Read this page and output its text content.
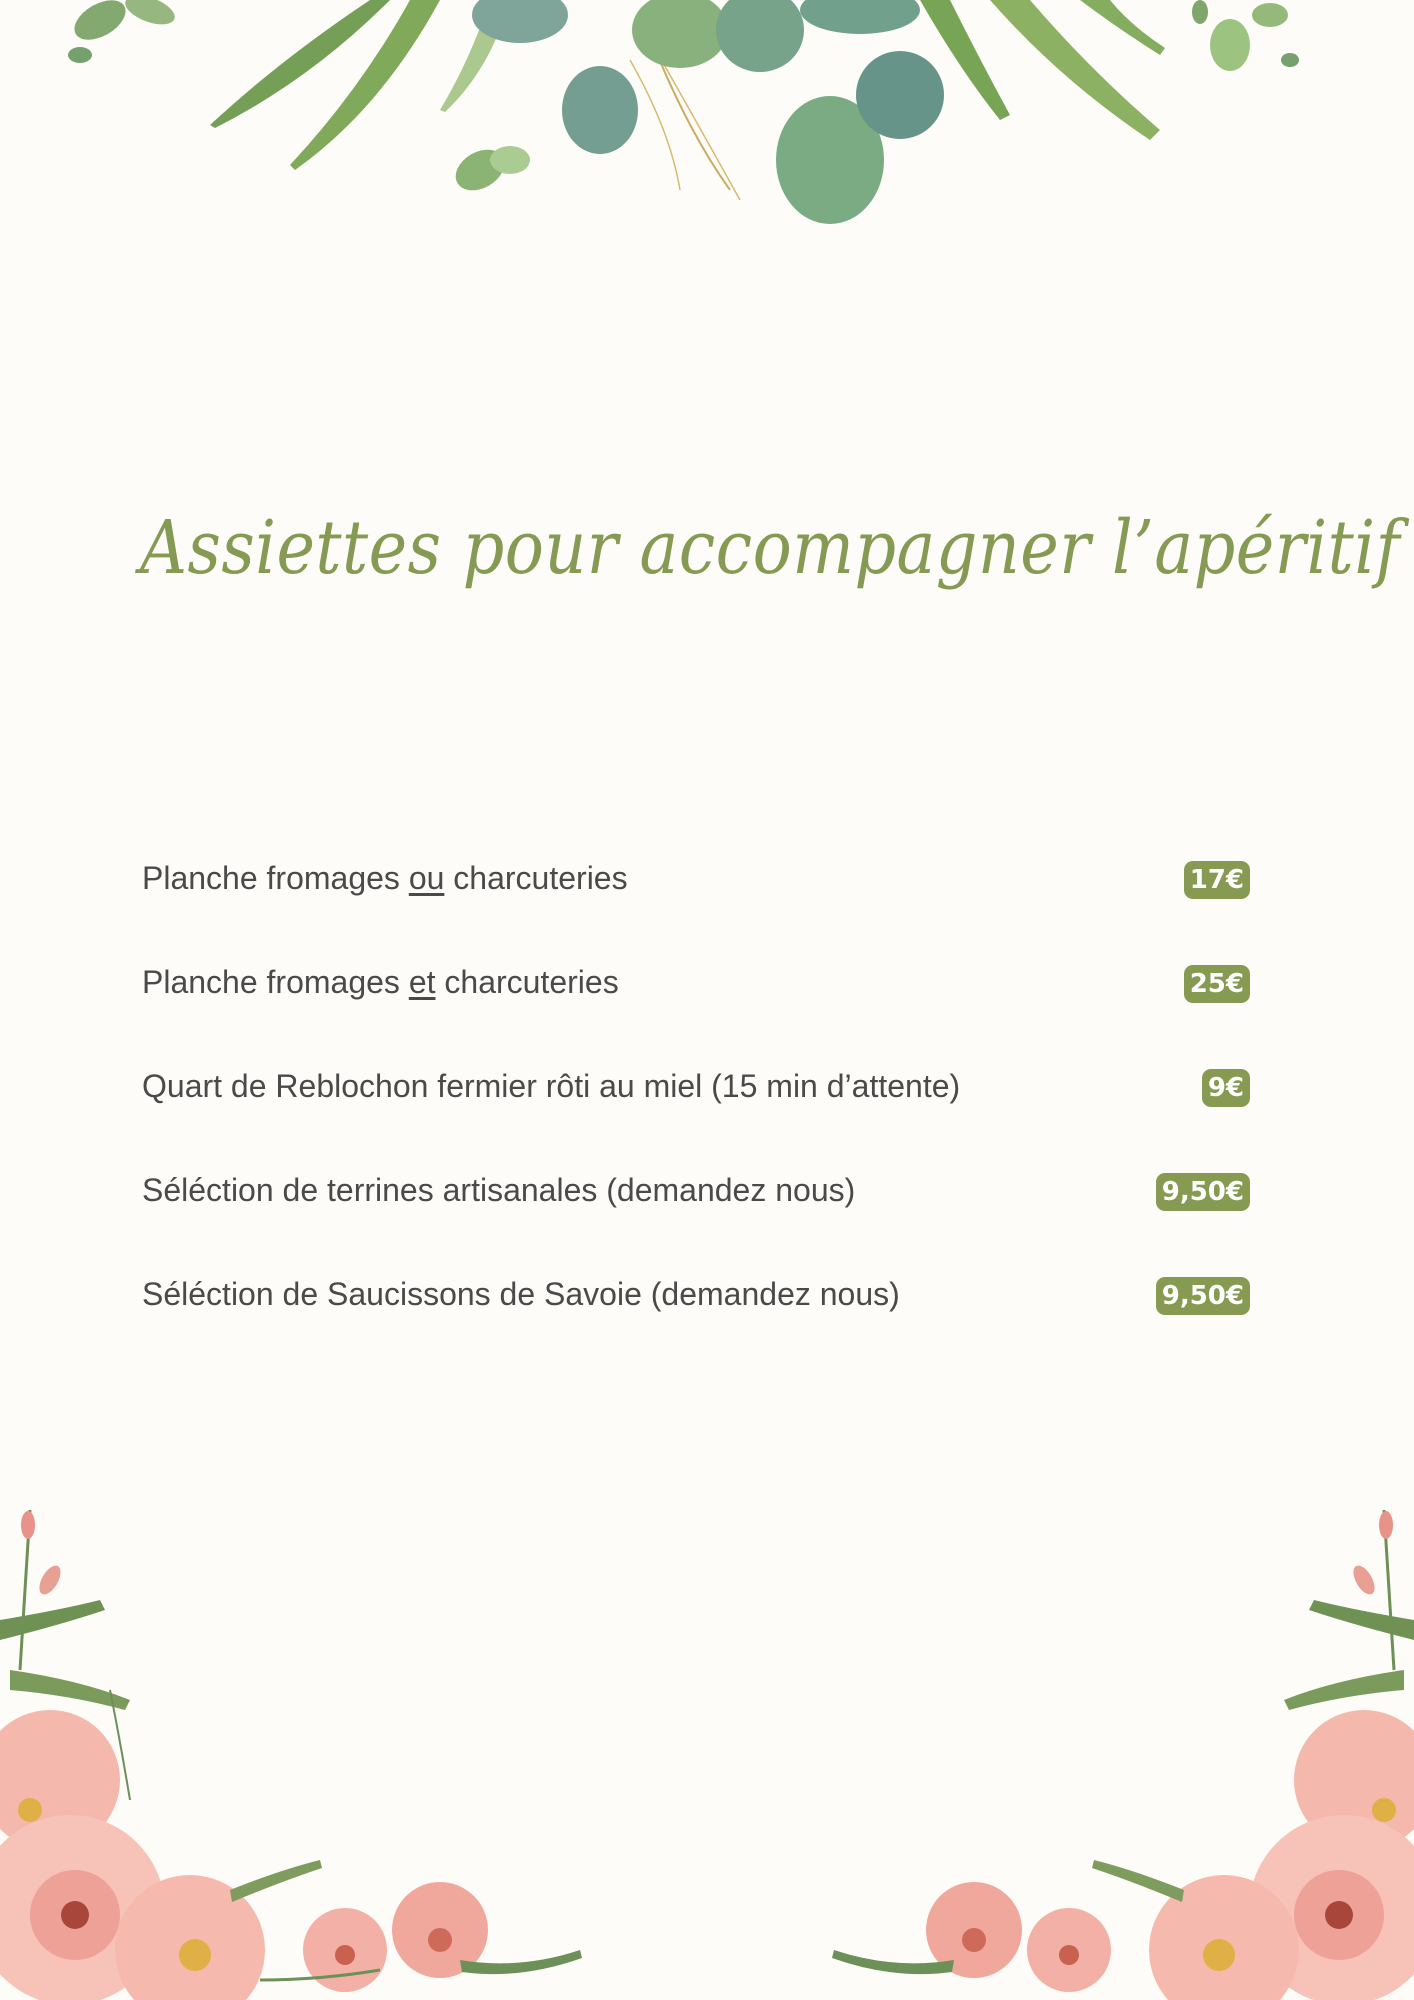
Assiettes pour accompagner l’apéritif
Planche fromages ou charcuteries	17€
Planche fromages et charcuteries	25€
Quart de Reblochon fermier rôti au miel (15 min d’attente)	9€
Séléction de terrines artisanales (demandez nous)	9,50€
Séléction de Saucissons de Savoie (demandez nous)	9,50€
